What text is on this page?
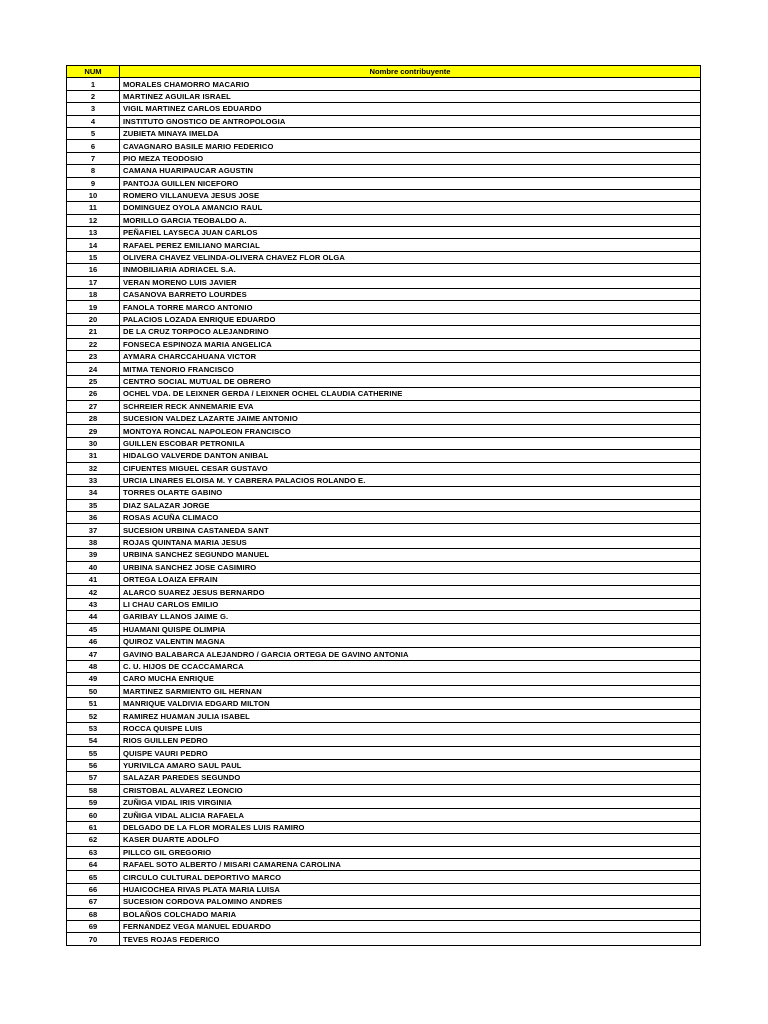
NUM	Nombre contribuyente
1	MORALES CHAMORRO MACARIO
2	MARTINEZ AGUILAR ISRAEL
3	VIGIL MARTINEZ CARLOS EDUARDO
4	INSTITUTO GNOSTICO DE ANTROPOLOGIA
5	ZUBIETA MINAYA IMELDA
6	CAVAGNARO BASILE MARIO FEDERICO
7	PIO MEZA TEODOSIO
8	CAMANA HUARIPAUCAR AGUSTIN
9	PANTOJA GUILLEN NICEFORO
10	ROMERO VILLANUEVA JESUS JOSE
11	DOMINGUEZ OYOLA AMANCIO RAUL
12	MORILLO GARCIA TEOBALDO A.
13	PEÑAFIEL LAYSECA JUAN CARLOS
14	RAFAEL PEREZ EMILIANO MARCIAL
15	OLIVERA CHAVEZ VELINDA-OLIVERA CHAVEZ FLOR OLGA
16	INMOBILIARIA ADRIACEL S.A.
17	VERAN MORENO LUIS JAVIER
18	CASANOVA BARRETO LOURDES
19	FANOLA TORRE MARCO ANTONIO
20	PALACIOS LOZADA ENRIQUE EDUARDO
21	DE LA CRUZ TORPOCO ALEJANDRINO
22	FONSECA ESPINOZA MARIA ANGELICA
23	AYMARA CHARCCAHUANA VICTOR
24	MITMA TENORIO FRANCISCO
25	CENTRO SOCIAL MUTUAL DE OBRERO
26	OCHEL VDA. DE LEIXNER GERDA / LEIXNER OCHEL CLAUDIA CATHERINE
27	SCHREIER RECK ANNEMARIE EVA
28	SUCESION VALDEZ LAZARTE JAIME ANTONIO
29	MONTOYA RONCAL NAPOLEON FRANCISCO
30	GUILLEN ESCOBAR PETRONILA
31	HIDALGO VALVERDE DANTON ANIBAL
32	CIFUENTES MIGUEL CESAR GUSTAVO
33	URCIA LINARES ELOISA M. Y CABRERA PALACIOS ROLANDO E.
34	TORRES OLARTE GABINO
35	DIAZ SALAZAR JORGE
36	ROSAS ACUÑA CLIMACO
37	SUCESION URBINA CASTANEDA SANT
38	ROJAS QUINTANA MARIA JESUS
39	URBINA SANCHEZ SEGUNDO MANUEL
40	URBINA SANCHEZ JOSE CASIMIRO
41	ORTEGA LOAIZA EFRAIN
42	ALARCO SUAREZ JESUS BERNARDO
43	LI CHAU CARLOS EMILIO
44	GARIBAY LLANOS JAIME G.
45	HUAMANI QUISPE OLIMPIA
46	QUIROZ VALENTIN MAGNA
47	GAVINO BALABARCA ALEJANDRO / GARCIA ORTEGA DE GAVINO ANTONIA
48	C. U. HIJOS DE CCACCAMARCA
49	CARO MUCHA ENRIQUE
50	MARTINEZ SARMIENTO GIL HERNAN
51	MANRIQUE VALDIVIA EDGARD MILTON
52	RAMIREZ HUAMAN JULIA ISABEL
53	ROCCA QUISPE LUIS
54	RIOS GUILLEN PEDRO
55	QUISPE VAURI PEDRO
56	YURIVILCA AMARO SAUL PAUL
57	SALAZAR PAREDES SEGUNDO
58	CRISTOBAL ALVAREZ LEONCIO
59	ZUÑIGA VIDAL IRIS VIRGINIA
60	ZUÑIGA VIDAL ALICIA RAFAELA
61	DELGADO DE LA FLOR MORALES LUIS RAMIRO
62	KASER DUARTE ADOLFO
63	PILLCO GIL GREGORIO
64	RAFAEL SOTO ALBERTO / MISARI CAMARENA CAROLINA
65	CIRCULO CULTURAL DEPORTIVO MARCO
66	HUAICOCHEA RIVAS PLATA MARIA LUISA
67	SUCESION CORDOVA PALOMINO ANDRES
68	BOLAÑOS COLCHADO MARIA
69	FERNANDEZ VEGA MANUEL EDUARDO
70	TEVES ROJAS FEDERICO
